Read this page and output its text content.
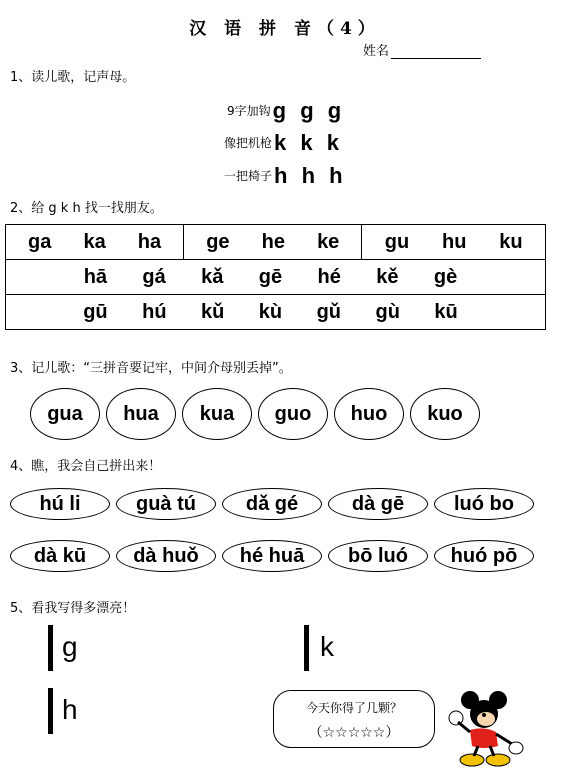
汉 语 拼 音（4）
姓名
1、读儿歌，记声母。
9字加钩g g g
像把机枪k k k
一把椅子h h h
2、给 g k h 找一找朋友。
ga ka ha	ge he ke	gu hu ku

hā gá kǎ gē hé kě gè

gū hú kǔ kù gǔ gù kū
3、记儿歌：“三拼音要记牢，中间介母别丢掉”。
gua	hua	kua	guo	huo	kuo
4、瞧，我会自己拼出来！
hú li	guà tú	dǎ gé	dà gē	luó bo
dà kū	dà huǒ	hé huā	bō luó	huó pō
5、看我写得多漂亮！

g

				k

h	今天你得了几颗？
（☆☆☆☆☆）
